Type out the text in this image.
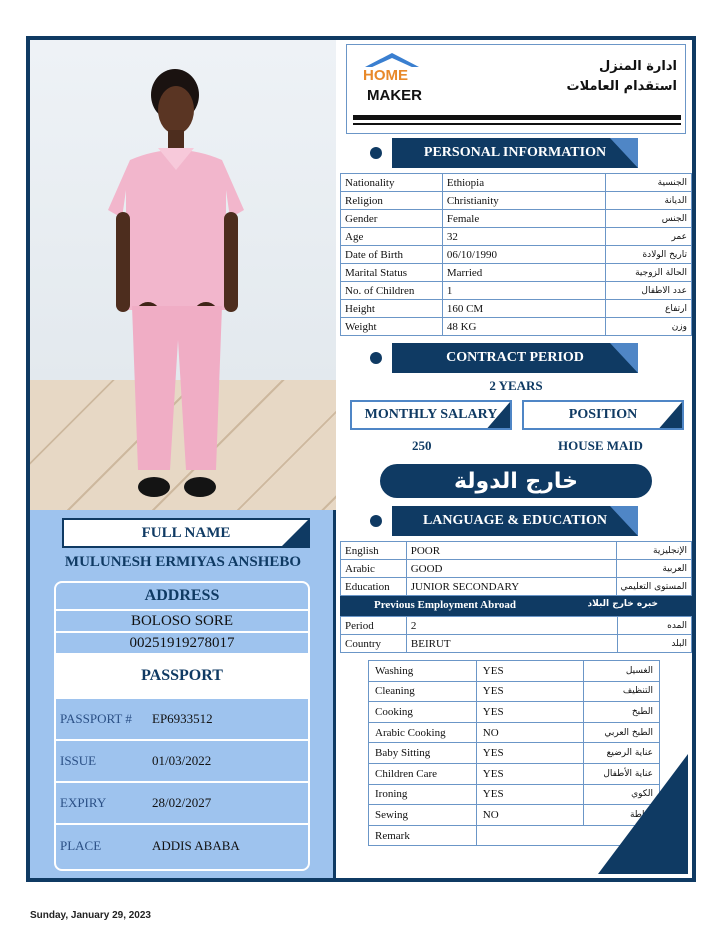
FULL NAME
MULUNESH ERMIYAS ANSHEBO
ADDRESS
BOLOSO SORE
00251919278017
PASSPORT
PASSPORT #	EP6933512
ISSUE	01/03/2022
EXPIRY	28/02/2027
PLACE	ADDIS ABABA
HOME
MAKER
ادارة المنزل
استقدام العاملات
PERSONAL INFORMATION
Nationality	Ethiopia	الجنسية
Religion	Christianity	الديانة
Gender	Female	الجنس
Age	32	عمر
Date of Birth	06/10/1990	تاريخ الولادة
Marital Status	Married	الحالة الزوجية
No. of Children	1	عدد الاطفال
Height	160 CM	ارتفاع
Weight	48 KG	وزن
CONTRACT PERIOD
2 YEARS
MONTHLY SALARY	POSITION
250	HOUSE MAID
خارج الدولة
LANGUAGE & EDUCATION
English	POOR	الإنجليزية
Arabic	GOOD	العربية
Education	JUNIOR SECONDARY	المستوى التعليمي
Previous Employment Abroad	خبره خارج البلاد
Period	2	المده
Country	BEIRUT	البلد
Washing	YES	الغسيل
Cleaning	YES	التنظيف
Cooking	YES	الطبخ
Arabic Cooking	NO	الطبخ العربي
Baby Sitting	YES	عناية الرضيع
Children Care	YES	عناية الأطفال
Ironing	YES	الكوي
Sewing	NO	خياطة
Remark		
Sunday, January 29, 2023
